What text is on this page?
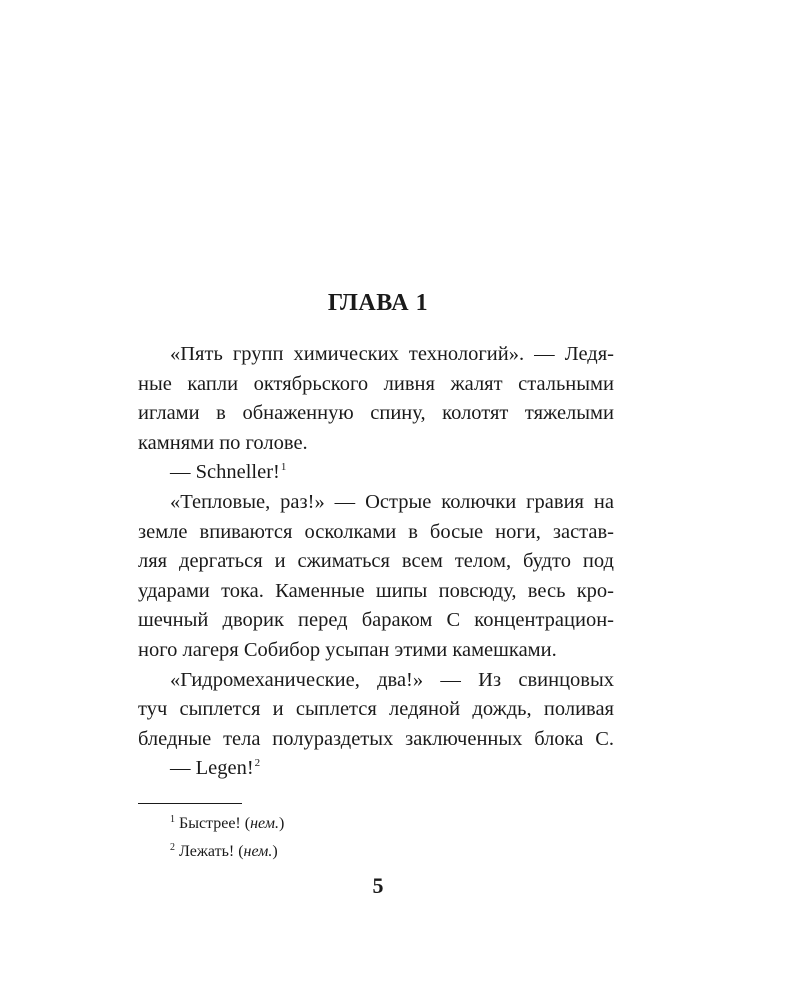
ГЛАВА 1
«Пять групп химических технологий». — Ледя-
ные капли октябрьского ливня жалят стальными
иглами в обнаженную спину, колотят тяжелыми
камнями по голове.
— Schneller!$^1$
«Тепловые, раз!» — Острые колючки гравия на
земле впиваются осколками в босые ноги, застав-
ляя дергаться и сжиматься всем телом, будто под
ударами тока. Каменные шипы повсюду, весь кро-
шечный дворик перед бараком С концентрацион-
ного лагеря Собибор усыпан этими камешками.
«Гидромеханические, два!» — Из свинцовых
туч сыплется и сыплется ледяной дождь, поливая
бледные тела полураздетых заключенных блока С.
— Legen!$^2$
$^1$ Быстрее! (нем.)
$^2$ Лежать! (нем.)
5
